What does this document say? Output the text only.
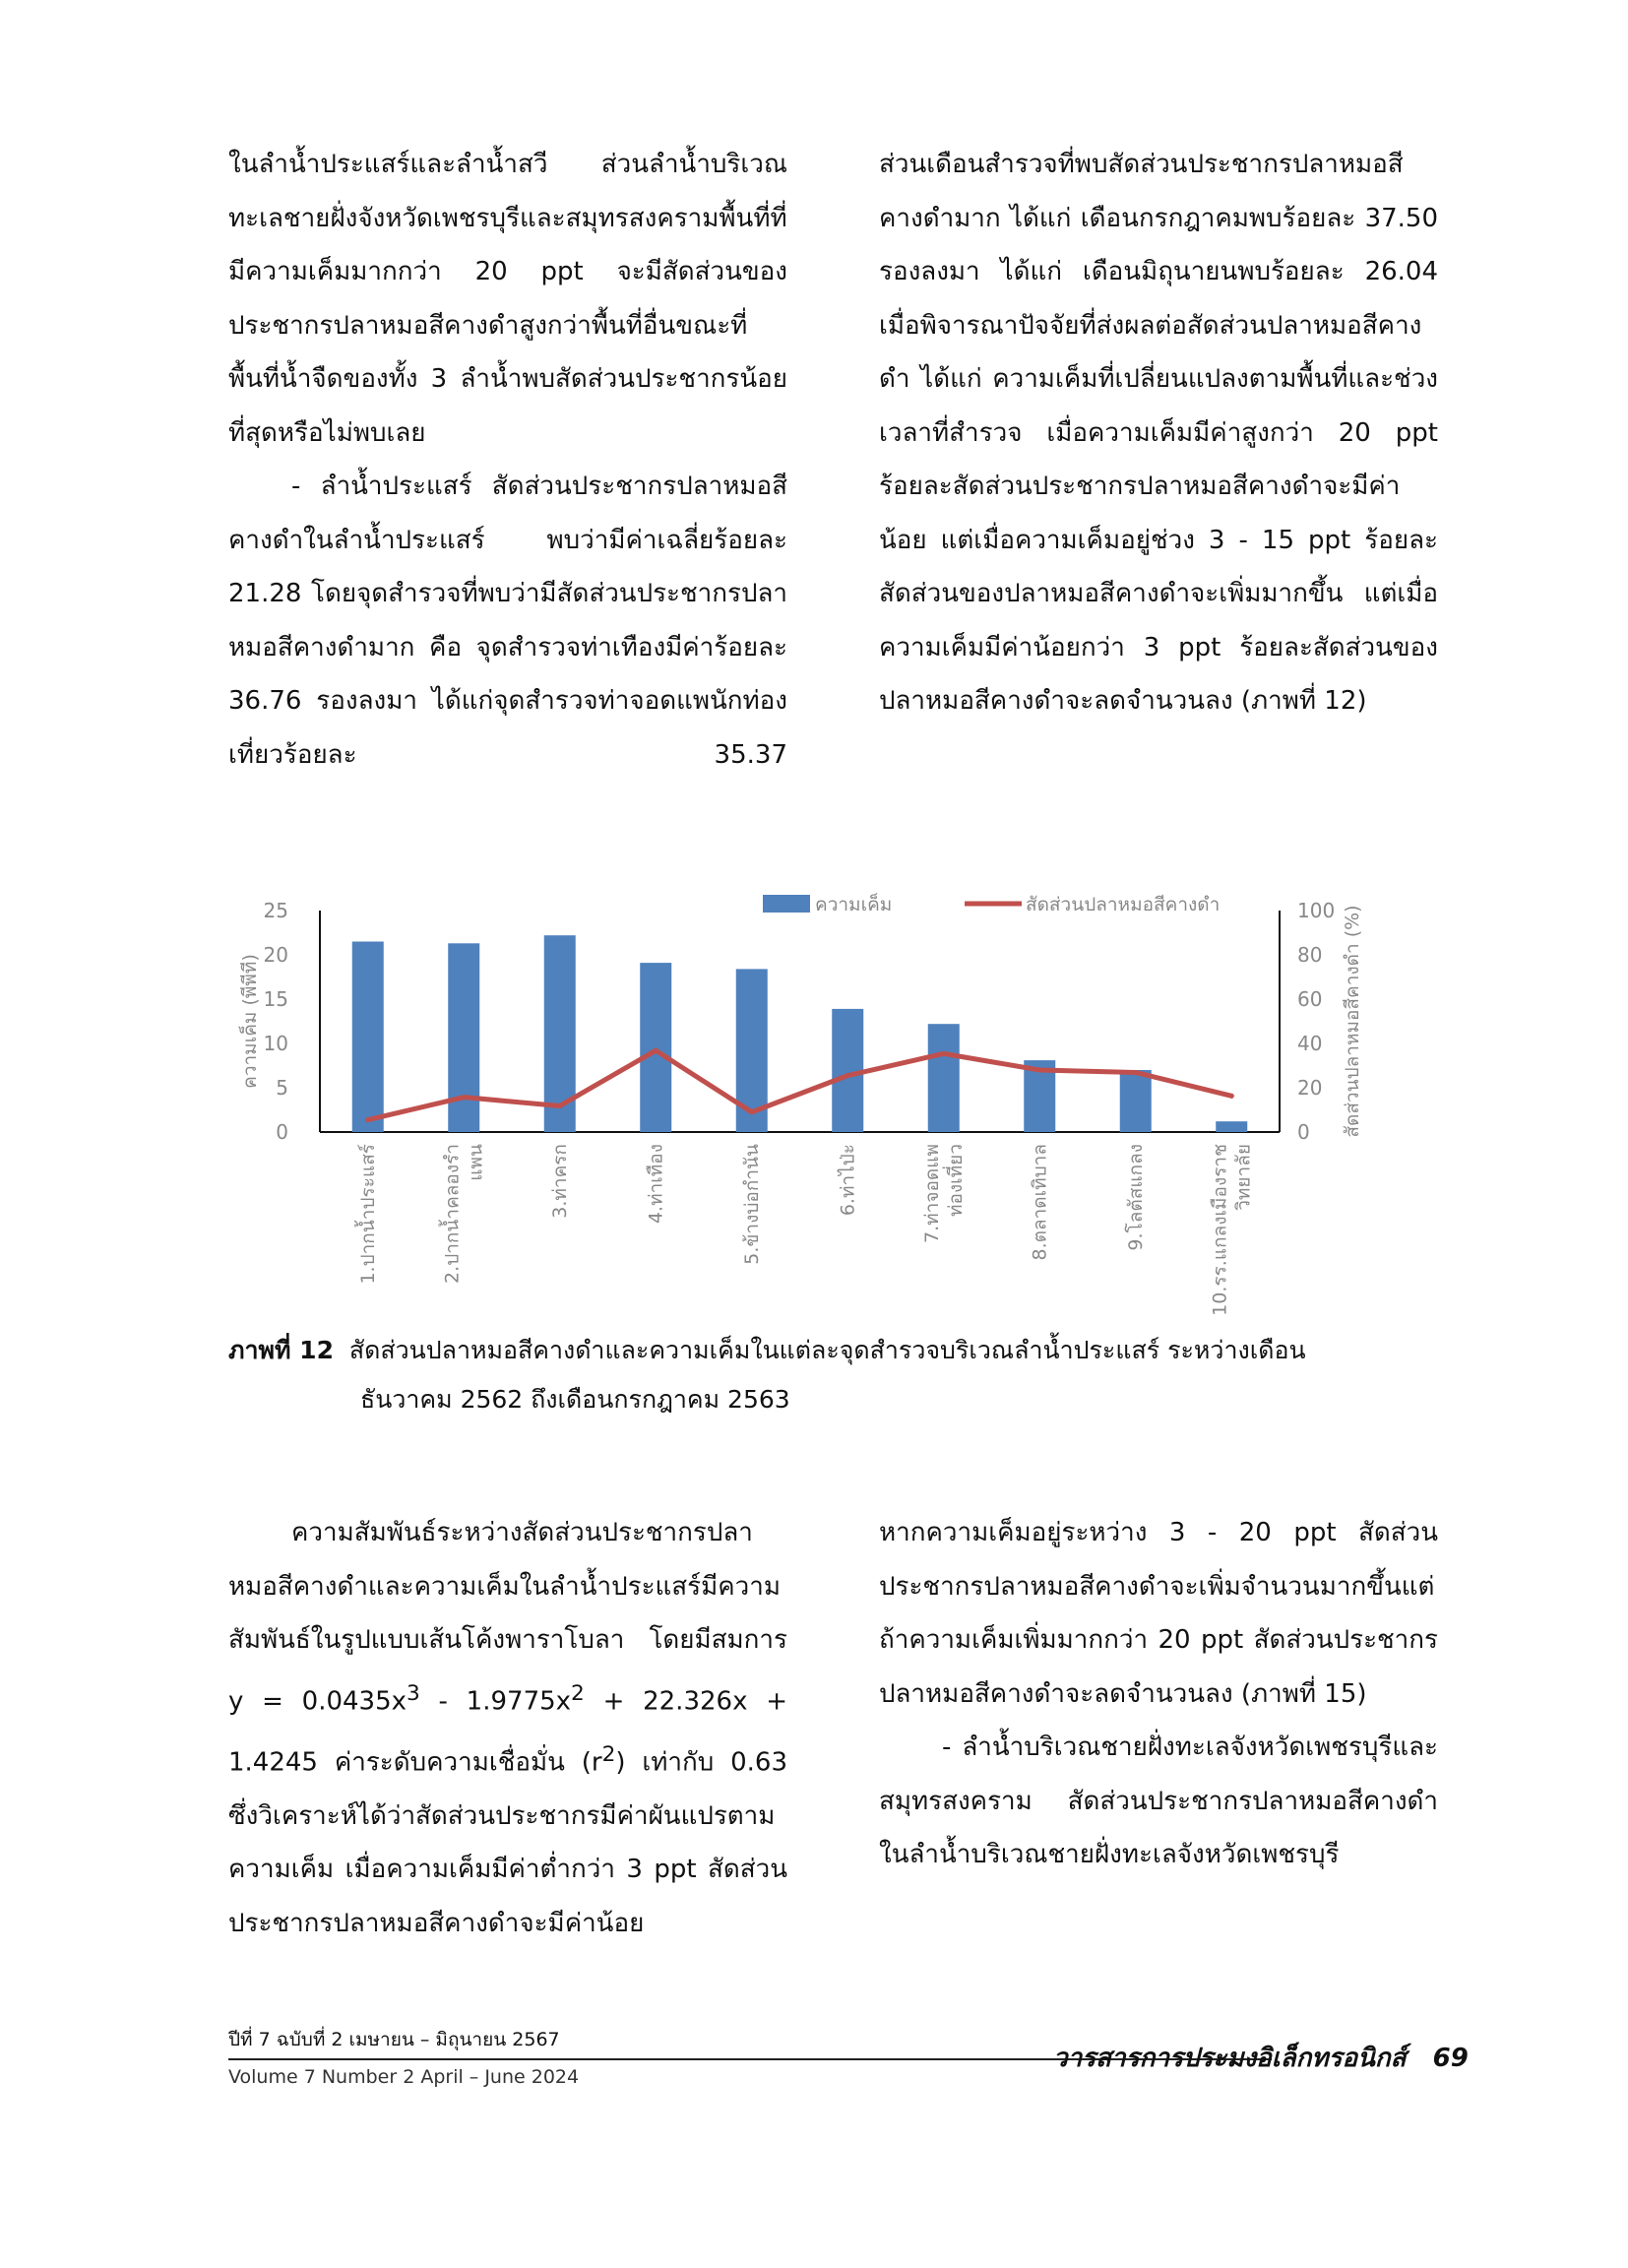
ในลำน้ำประแสร์และลำน้ำสวี ส่วนลำน้ำบริเวณทะเลชายฝั่งจังหวัดเพชรบุรีและสมุทรสงครามพื้นที่ที่มีความเค็มมากกว่า 20 ppt จะมีสัดส่วนของประชากรปลาหมอสีคางดำสูงกว่าพื้นที่อื่นขณะที่พื้นที่น้ำจืดของทั้ง 3 ลำน้ำพบสัดส่วนประชากรน้อยที่สุดหรือไม่พบเลย

- ลำน้ำประแสร์ สัดส่วนประชากรปลาหมอสีคางดำในลำน้ำประแสร์ พบว่ามีค่าเฉลี่ยร้อยละ 21.28 โดยจุดสำรวจที่พบว่ามีสัดส่วนประชากรปลาหมอสีคางดำมาก คือ จุดสำรวจท่าเทืองมีค่าร้อยละ 36.76 รองลงมา ได้แก่จุดสำรวจท่าจอดแพนักท่องเที่ยวร้อยละ 35.37

ส่วนเดือนสำรวจที่พบสัดส่วนประชากรปลาหมอสีคางดำมาก ได้แก่ เดือนกรกฎาคมพบร้อยละ 37.50 รองลงมา ได้แก่ เดือนมิถุนายนพบร้อยละ 26.04 เมื่อพิจารณาปัจจัยที่ส่งผลต่อสัดส่วนปลาหมอสีคางดำ ได้แก่ ความเค็มที่เปลี่ยนแปลงตามพื้นที่และช่วงเวลาที่สำรวจ เมื่อความเค็มมีค่าสูงกว่า 20 ppt ร้อยละสัดส่วนประชากรปลาหมอสีคางดำจะมีค่าน้อย แต่เมื่อความเค็มอยู่ช่วง 3 - 15 ppt ร้อยละสัดส่วนของปลาหมอสีคางดำจะเพิ่มมากขึ้น แต่เมื่อความเค็มมีค่าน้อยกว่า 3 ppt ร้อยละสัดส่วนของปลาหมอสีคางดำจะลดจำนวนลง (ภาพที่ 12)

0
5
10
15
20
25
0
20
40
60
80
100
ความเค็ม (พีพีที)	สัดส่วนปลาหมอสีคางดำ (%)
1.ปากน้ำประแสร์	2.ปากน้ำคลองรำ แพน	3.ท่าครก	4.ท่าเทือง	5.ข้างบ่อกำนัน	6.ท่าไป่ะ	7.ท่าจอดแพ ท่องเที่ยว	8.ตลาดเทิบาล	9.โลตัสแกลง	10.รร.แกลงเมืองราช วิทยาลัย
ความเค็ม	สัดส่วนปลาหมอสีคางดำ
ภาพที่ 12 สัดส่วนปลาหมอสีคางดำและความเค็มในแต่ละจุดสำรวจบริเวณลำน้ำประแสร์ ระหว่างเดือน
ธันวาคม 2562 ถึงเดือนกรกฎาคม 2563

ความสัมพันธ์ระหว่างสัดส่วนประชากรปลาหมอสีคางดำและความเค็มในลำน้ำประแสร์มีความสัมพันธ์ในรูปแบบเส้นโค้งพาราโบลา โดยมีสมการ $y = 0.0435x^3 - 1.9775x^2 + 22.326x + 1.4245$ ค่าระดับความเชื่อมั่น $(r^2)$ เท่ากับ 0.63 ซึ่งวิเคราะห์ได้ว่าสัดส่วนประชากรมีค่าผันแปรตามความเค็ม เมื่อความเค็มมีค่าต่ำกว่า 3 ppt สัดส่วนประชากรปลาหมอสีคางดำจะมีค่าน้อย

หากความเค็มอยู่ระหว่าง 3 - 20 ppt สัดส่วนประชากรปลาหมอสีคางดำจะเพิ่มจำนวนมากขึ้นแต่ถ้าความเค็มเพิ่มมากกว่า 20 ppt สัดส่วนประชากรปลาหมอสีคางดำจะลดจำนวนลง (ภาพที่ 15)

- ลำน้ำบริเวณชายฝั่งทะเลจังหวัดเพชรบุรีและสมุทรสงคราม สัดส่วนประชากรปลาหมอสีคางดำในลำน้ำบริเวณชายฝั่งทะเลจังหวัดเพชรบุรี

ปีที่ 7 ฉบับที่ 2 เมษายน – มิถุนายน 2567
Volume 7 Number 2 April – June 2024
วารสารการประมงอิเล็กทรอนิกส์ 69
